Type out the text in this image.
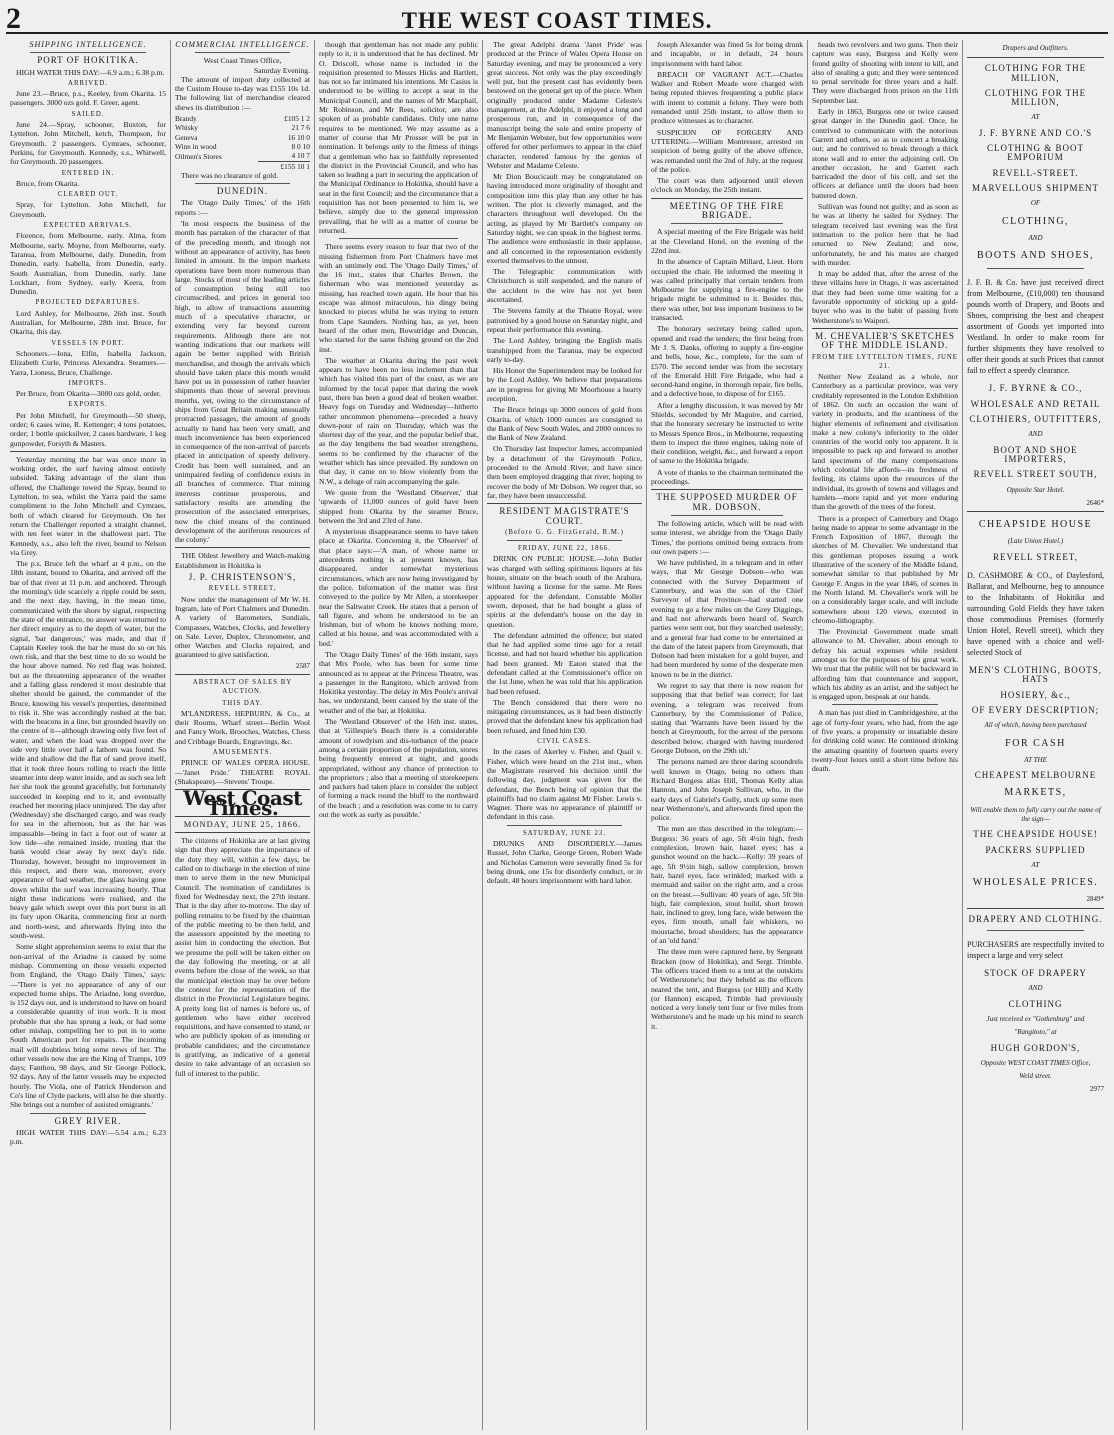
2	THE WEST COAST TIMES.
SHIPPING INTELLIGENCE.
PORT OF HOKITIKA.

HIGH WATER THIS DAY:—6.9 a.m.; 6.38 p.m.

ARRIVED.

June 23.—Bruce, p.s., Keeley, from Okarita. 15 passengers. 3000 ozs gold. F. Greer, agent.

SAILED.

June 24.—Spray, schooner, Buxton, for Lyttelton. John Mitchell, ketch, Thompson, for Greymouth. 2 passengers. Cymraes, schooner, Perkins, for Greymouth. Kennedy, s.s., Whitwell, for Greymouth. 20 passengers.

ENTERED IN.

Bruce, from Okarita.

CLEARED OUT.

Spray, for Lyttelton. John Mitchell, for Greymouth.

EXPECTED ARRIVALS.

Florence, from Melbourne, early. Alma, from Melbourne, early. Moyne, from Melbourne, early. Taranua, from Melbourne, daily. Dunedin, from Dunedin, early. Isabella, from Dunedin, early. South Australian, from Dunedin, early. Jane Lockhart, from Sydney, early. Keera, from Dunedin.

PROJECTED DEPARTURES.

Lord Ashley, for Melbourne, 26th inst. South Australian, for Melbourne, 28th inst. Bruce, for Okarita, this day.

VESSELS IN PORT.

Schooners.—Iona, Elfin, Isabella Jackson, Elizabeth Curle, Princess Alexandra. Steamers.—Yarra, Lioness, Bruce, Challenge.

IMPORTS.

Per Bruce, from Okarita—3000 ozs gold, order.

EXPORTS.

Per John Mitchell, for Greymouth—50 sheep, order; 6 cases wine, R. Kettenger; 4 tons potatoes, order; 1 bottle quicksilver, 2 cases hardware, 1 keg gunpowder, Forsyth & Masters.

Yesterday morning the bar was once more in working order, the surf having almost entirely subsided. Taking advantage of the slant thus offered, the Challenge towed the Spray, bound to Lyttelton, to sea, whilst the Yarra paid the same compliment to the John Mitchell and Cymraes, both of which cleared for Greymouth. On her return the Challenger reported a straight channel, with ten feet water in the shallowest part. The Kennedy, s.s., also left the river, bound to Nelson via Grey.

The p.s. Bruce left the wharf at 4 p.m., on the 18th instant, bound to Okarita, and arrived off the bar of that river at 11 p.m. and anchored. Through the morning's tide scarcely a ripple could be seen, and the next day, having, in the mean time, communicated with the shore by signal, respecting the state of the entrance, no answer was returned to her direct enquiry as to the depth of water, but the signal, 'bar dangerous,' was made, and that if Captain Keeley took the bar he must do so on his own risk, and that the best time to do so would be the hour above named. No red flag was hoisted, but as the threatening appearance of the weather and a falling glass rendered it most desirable that shelter should be gained, the commander of the Bruce, knowing his vessel's properties, determined to risk it. She was accordingly rushed at the bar, with the beacons in a line, but grounded heavily on the centre of it—although drawing only five feet of water, and when the load was dropped over the side very little over half a fathom was found. So wide and shallow did the flat of sand prove itself, that it took three hours rolling to reach the little steamer into deep water inside, and as such sea left her she took the ground gracefully, but fortunately succeeded in keeping end to it, and eventually reached her mooring place uninjured. The day after (Wednesday) she discharged cargo, and was ready for sea in the afternoon, but as the bar was impassable—being in fact a foot out of water at low tide—she remained inside, trusting that the bank would clear away by next day's tide. Thursday, however, brought no improvement in this respect, and there was, moreover, every appearance of bad weather, the glass having gone down whilst the surf was increasing hourly. That night these indications were realised, and the heavy gale which swept over this port burst in all its fury upon Okarita, commencing first at north and north-west, and afterwards flying into the south-west.

Some slight apprehension seems to exist that the non-arrival of the Ariadne is caused by some mishap. Commenting on those vessels expected from England, the 'Otago Daily Times,' says:—'There is yet no appearance of any of our expected home ships. The Ariadne, long overdue, is 152 days out, and is understood to have on board a considerable quantity of iron work. It is most probable that she has sprung a leak, or had some other mishap, compelling her to put in to some South American port for repairs. The incoming mail will doubtless bring some news of her. The other vessels now due are the King of Tramps, 109 days; Fanthou, 98 days, and Sir George Pollock, 92 days. Any of the latter vessels may be expected hourly. The Viola, one of Patrick Henderson and Co's line of Clyde packets, will also be due shortly. She brings out a number of assisted emigrants.'

GREY RIVER.

HIGH WATER THIS DAY:—5.54 a.m.; 6.23 p.m.

COMMERCIAL INTELLIGENCE.
West Coast Times Office,
Saturday Evening.

The amount of import duty collected at the Custom House to-day was £155 10s 1d. The following list of merchandise cleared shews its distribution :—

Brandy	£105 1 2
Whisky	21 7 6
Geneva	16 10 0
Wine in wood	8 0 10
Oilmen's Stores	4 10 7
	£155 10 1

There was no clearance of gold.

DUNEDIN.

The 'Otago Daily Times,' of the 16th reports :—

'In most respects the business of the month has partaken of the character of that of the preceding month, and though not without an appearance of activity, has been limited in amount. In the import markets operations have been more numerous than large. Stocks of most of the leading articles of consumption being still too circumscribed, and prices in general too high, to allow of transactions assuming much of a speculative character, or extending very far beyond current requirements. Although there are not wanting indications that our markets will again be better supplied with British merchandise, and though the arrivals which should have taken place this month would have put us in possession of rather heavier shipments than those of several previous months, yet, owing to the circumstance of ships from Great Britain making unusually protracted passages, the amount of goods actually to hand has been very small, and much inconvenience has been experienced in consequence of the non-arrival of parcels placed in anticipation of speedy delivery. Credit has been well sustained, and an unimpaired feeling of confidence exists in all branches of commerce. That mining interests continue prosperous, and satisfactory results are attending the prosecution of the associated enterprises, now the chief means of the continued development of the auriferous resources of the colony.'

THE Oldest Jewellery and Watch-making Establishment in Hokitika is

J. P. CHRISTENSON'S,
REVELL STREET,

Now under the management of Mr W. H. Ingram, late of Port Chalmers and Dunedin. A variety of Barometers, Sundials, Compasses, Watches, Clocks, and Jewellery on Sale. Lever, Duplex, Chronometer, and other Watches and Clocks repaired, and guaranteed to give satisfaction.

2587
ABSTRACT OF SALES BY AUCTION.
THIS DAY.

M'LANDRESS, HEPBURN, & Co., at their Rooms, Wharf street—Berlin Wool and Fancy Work, Brooches, Watches, Chess and Cribbage Boards, Engravings, &c.

AMUSEMENTS.

PRINCE OF WALES OPERA HOUSE.—'Janet Pride.' THEATRE ROYAL (Shakspeare).—Stevens' Troupe.

West Coast Times.
MONDAY, JUNE 25, 1866.

The citizens of Hokitika are at last giving sign that they appreciate the importance of the duty they will, within a few days, be called on to discharge in the election of nine men to serve them in the new Municipal Council. The nomination of candidates is fixed for Wednesday next, the 27th instant. That is the day after to-morrow. The day of polling remains to be fixed by the chairman of the public meeting to be then held, and the assessors appointed by the meeting to assist him in conducting the election. But we presume the poll will be taken either on the day following the meeting, or at all events before the close of the week, so that the municipal election may be over before the contest for the representation of the district in the Provincial Legislature begins. A pretty long list of names is before us, of gentlemen who have either received requisitions, and have consented to stand, or who are publicly spoken of as intending or probable candidates; and the circumstance is gratifying, as indicative of a general desire to take advantage of an occasion so full of interest to the public.

though that gentleman has not made any public reply to it, it is understood that he has declined. Mr O. Driscoll, whose name is included in the requisition presented to Messrs Hicks and Bartlett, has not so far intimated his intentions. Mr Casius is understood to be willing to accept a seat in the Municipal Council, and the names of Mr Macphail, Mr Robinson, and Mr Rees, solicitor, are also spoken of as probable candidates. Only one name requires to be mentioned. We may assume as a matter of course that Mr Prosser will be put in nomination. It belongs only to the fitness of things that a gentleman who has so faithfully represented the district in the Provincial Council, and who has taken so leading a part in securing the application of the Municipal Ordinance to Hokitika, should have a seat in the first Council; and the circumstance that a requisition has not been presented to him is, we believe, simply due to the general impression prevailing, that he will as a matter of course be returned.

There seems every reason to fear that two of the missing fishermen from Port Chalmers have met with an untimely end. The 'Otago Daily Times,' of the 16 inst., states that Charles Brown, the fisherman who was mentioned yesterday as missing, has reached town again. He hour that his escape was almost miraculous, his dingy being knocked to pieces whilst he was trying to return from Cape Saunders. Nothing has, as yet, been heard of the other men, Bowstridge and Duncan, who started for the same fishing ground on the 2nd inst.

The weather at Okarita during the past week appears to have been no less inclement than that which has visited this part of the coast, as we are informed by the local paper that during the week past, there has been a good deal of broken weather. Heavy fogs on Tuesday and Wednesday—hitherto rather uncommon phenomena—preceded a heavy down-pour of rain on Thursday, which was the shortest day of the year, and the popular belief that, as the day lengthens the bad weather strengthens, seems to be confirmed by the character of the weather which has since prevailed. By sundown on that day, it came on to blow violently from the N.W., a deluge of rain accompanying the gale.

We quote from the 'Westland Observer,' that 'upwards of 11,000 ounces of gold have been shipped from Okarita by the steamer Bruce, between the 3rd and 23rd of June.

A mysterious disappearance seems to have taken place at Okarita. Concerning it, the 'Observer' of that place says:—'A man, of whose name or antecedents nothing is at present known, has disappeared, under somewhat mysterious circumstances, which are now being investigated by the police. Information of the matter was first conveyed to the police by Mr Allen, a storekeeper near the Saltwater Creek. He states that a person of tall figure, and whom he understood to be an Irishman, but of whom he knows nothing more, called at his house, and was accommodated with a bed.'

The 'Otago Daily Times' of the 16th instant, says that Mrs Poole, who has been for some time announced as to appear at the Princess Theatre, was a passenger in the Rangitoto, which arrived from Hokitika yesterday. The delay in Mrs Poole's arrival has, we understand, been caused by the state of the weather and of the bar, at Hokitika.

The 'Westland Observer' of the 16th inst. states, that at 'Gillespie's Beach there is a considerable amount of rowdyism and dis-turbance of the peace among a certain proportion of the population, stores being frequently entered at night, and goods appropriated, without any chance of protection to the proprietors ; also that a meeting of storekeepers and packers had taken place to consider the subject of forming a track round the bluff to the northward of the beach ; and a resolution was come to to carry out the work as early as possible.'

The great Adelphi drama 'Janet Pride' was produced at the Prince of Wales Opera House on Saturday evening, and may be pronounced a very great success. Not only was the play exceedingly well put, but the present cast has evidently been bestowed on the general get up of the piece. When originally produced under Madame Celeste's management, at the Adelphi, it enjoyed a long and prosperous run, and in consequence of the manuscript being the sole and entire property of Mr Benjamin Webster, but few opportunities were offered for other performers to appear in the chief character, rendered famous by the genius of Webster and Madame Celeste.

Mr Dion Boucicault may be congratulated on having introduced more originality of thought and composition into this play than any other he has written. The plot is cleverly managed, and the characters throughout well developed. On the acting, as played by Mr Bartlett's company on Saturday night, we can speak in the highest terms. The audience were enthusiastic in their applause, and all concerned in the representation evidently exerted themselves to the utmost.

The Telegraphic communication with Christchurch is still suspended, and the nature of the accident to the wire has not yet been ascertained.

The Stevens family at the Theatre Royal, were patronised by a good house on Saturday night, and repeat their performance this evening.

The Lord Ashley, bringing the English mails transhipped from the Taranua, may be expected early to-day.

His Honor the Superintendent may be looked for by the Lord Ashley. We believe that preparations are in progress for giving Mr Moorhouse a hearty reception.

The Bruce brings up 3000 ounces of gold from Okarita, of which 1000 ounces are consigned to the Bank of New South Wales, and 2000 ounces to the Bank of New Zealand.

On Thursday last Inspector James, accompanied by a detachment of the Greymouth Police, proceeded to the Arnold River, and have since then been employed dragging that river, hoping to recover the body of Mr Dobson. We regret that, so far, they have been unsuccessful.

RESIDENT MAGISTRATE'S COURT.
(Before G. G. FitzGerald, R.M.)
FRIDAY, JUNE 22, 1866.

DRINK ON PUBLIC HOUSE.—John Butler was charged with selling spirituous liquors at his house, situate on the beach south of the Arahura, without having a license for the same. Mr Rees appeared for the defendant. Constable Moller sworn, deposed, that he had bought a glass of spirits at the defendant's house on the day in question.

The defendant admitted the offence; but stated that he had applied some time ago for a retail license, and had not heard whether his application had been granted. Mr Eaton stated that the defendant called at the Commissioner's office on the 1st June, when he was told that his application had been refused.

The Bench considered that there were no mitigating circumstances, as it had been distinctly proved that the defendant knew his application had been refused, and fined him £30.

CIVIL CASES.

In the cases of Akerley v. Fisher, and Quail v. Fisher, which were heard on the 21st inst., when the Magistrate reserved his decision until the following day, judgment was given for the defendant, the Bench being of opinion that the plaintiffs had no claim against Mr Fisher. Lewis v. Wagner. There was no appearance of plaintiff or defendant in this case.

SATURDAY, JUNE 23.

DRUNKS AND DISORDERLY.—James Russel, John Clarke, George Green, Robert Wade and Nicholas Cameron were severally fined 5s for being drunk, one 15s for disorderly conduct, or in default, 48 hours imprisonment with hard labor.

Joseph Alexander was fined 5s for being drunk and incapable, or in default, 24 hours imprisonment with hard labor.

BREACH OF VAGRANT ACT.—Charles Walker and Robert Meade were charged with being reputed thieves frequenting a public place with intent to commit a felony. They were both remanded until 25th instant, to allow them to produce witnesses as to character.

SUSPICION OF FORGERY AND UTTERING.—William Montresser, arrested on suspicion of being guilty of the above offence, was remanded until the 2nd of July, at the request of the police.

The court was then adjourned until eleven o'clock on Monday, the 25th instant.

MEETING OF THE FIRE BRIGADE.

A special meeting of the Fire Brigade was held at the Cleveland Hotel, on the evening of the 22nd inst.

In the absence of Captain Millard, Lieut. Horn occupied the chair. He informed the meeting it was called principally that certain tenders from Melbourne for supplying a fire-engine to the brigade might be submitted to it. Besides this, there was other, but less important business to be transacted.

The honorary secretary being called upon, opened and read the tenders; the first being from Mr J. S. Danks, offering to supply a fire-engine and bells, hose, &c., complete, for the sum of £570. The second tender was from the secretary of the Emerald Hill Fire Brigade, who had a second-hand engine, in thorough repair, fire bells, and a defective hose, to dispose of for £165.

After a lengthy discussion, it was moved by Mr Shields, seconded by Mr Maguire, and carried, that the honorary secretary be instructed to write to Messrs Spence Bros., in Melbourne, requesting them to inspect the three engines, taking note of their condition, weight, &c., and forward a report of same to the Hokitika brigade.

A vote of thanks to the chairman terminated the proceedings.

THE SUPPOSED MURDER OF MR. DOBSON.

The following article, which will be read with some interest, we abridge from the 'Otago Daily Times,' the portions omitted being extracts from our own papers :—

We have published, in a telegram and in other ways, that Mr George Dobson—who was connected with the Survey Department of Canterbury, and was the son of the Chief Surveyor of that Province—had started one evening to go a few miles on the Grey Diggings, and had not afterwards been heard of. Search parties were sent out, but they searched uselessly; and a general fear had come to be entertained at the date of the latest papers from Greymouth, that Dobson had been mistaken for a gold buyer, and had been murdered by some of the desperate men known to be in the district.

We regret to say that there is now reason for supposing that that belief was correct; for last evening, a telegram was received from Canterbury, by the Commissioner of Police, stating that 'Warrants have been issued by the bench at Greymouth, for the arrest of the persons described below, charged with having murdered George Dobson, on the 29th ult.'

The persons named are three daring scoundrels well known in Otago, being no others than Richard Burgess alias Hill, Thomas Kelly alias Hannon, and John Joseph Sullivan, who, in the early days of Gabriel's Gully, stuck up some men near Wetherstone's, and afterwards fired upon the police.

The men are thus described in the telegram:—Burgess: 36 years of age, 5ft 4½in high, fresh complexion, brown hair, hazel eyes; has a gunshot wound on the back.—Kelly: 39 years of age, 5ft 9½in high, sallow complexion, brown hair, hazel eyes, face wrinkled; marked with a mermaid and sailor on the right arm, and a cross on the breast.—Sullivan: 40 years of age, 5ft 9in high, fair complexion, stout build, short brown hair, inclined to grey, long face, wide between the eyes, firm mouth, small fair whiskers, no moustache, broad shoulders; has the appearance of an 'old hand.'

The three men were captured here, by Sergeant Bracken (now of Hokitika), and Sergt. Trimble. The officers traced them to a tent at the outskirts of Wetherstone's; but they beheld as the officers neared the tent, and Burgess (or Hill) and Kelly (or Hannon) escaped, Trimble had previously noticed a very lonely tent four or five miles from Wetherstone's and he made up his mind to search it.

heads two revolvers and two guns. Then their capture was easy, Burgess and Kelly were found guilty of shooting with intent to kill, and also of stealing a gun; and they were sentenced to penal servitude for three years and a half. They were discharged from prison on the 11th September last.

Early in 1863, Burgess one or twice caused great danger in the Dunedin gaol. Once, he contrived to communicate with the notorious Garrett and others, so as to concert a breaking out; and he contrived to break through a thick stone wall and to enter the adjoining cell. On another occasion, he and Garrett each barricaded the door of his cell, and set the officers at defiance until the doors had been battered down.

Sullivan was found not guilty; and as soon as he was at liberty he sailed for Sydney. The telegram received last evening was the first intimation to the police here that he had returned to New Zealand; and now, unfortunately, he and his mates are charged with murder.

It may be added that, after the arrest of the three villains here in Otago, it was ascertained that they had been some time waiting for a favorable opportunity of sticking up a gold-buyer who was in the habit of passing from Wetherstone's to Waipori.

M. CHEVALIER'S SKETCHES OF THE MIDDLE ISLAND.
FROM THE LYTTELTON TIMES, JUNE 21.

Neither New Zealand as a whole, nor Canterbury as a particular province, was very creditably represented in the London Exhibition of 1862. On such an occasion the want of variety in products, and the scantiness of the higher elements of refinement and civilisation make a new colony's inferiority to the older countries of the world only too apparent. It is impossible to pack up and forward to another land specimens of the many compensations which colonial life affords—its freshness of feeling, its claims upon the resources of the individual, its growth of towns and villages and hamlets—more rapid and yet more enduring than the growth of the trees of the forest.

There is a prospect of Canterbury and Otago being made to appear to some advantage in the French Exposition of 1867, through the sketches of M. Chevalier. We understand that this gentleman proposes issuing a work illustrative of the scenery of the Middle Island, somewhat similar to that published by Mr George F. Angus in the year 1846, of scenes in the North Island. M. Chevalier's work will be on a considerably larger scale, and will include somewhere about 120 views, executed in chromo-lithography.

The Provincial Government made small allowance to M. Chevalier, about enough to defray his actual expenses while resident amongst us for the purposes of his great work. We trust that the public will not be backward in affording him that countenance and support, which his ability as an artist, and the subject he is engaged upon, bespeak at our hands.

A man has just died in Cambridgeshire, at the age of forty-four years, who had, from the age of five years, a propensity or insatiable desire for drinking cold water. He continued drinking the amazing quantity of fourteen quarts every twenty-four hours until a short time before his death.

Drapers and Outfitters.
CLOTHING FOR THE MILLION,
CLOTHING FOR THE MILLION,
AT
J. F. BYRNE AND CO.'S
CLOTHING & BOOT EMPORIUM
REVELL-STREET.
MARVELLOUS SHIPMENT
OF
CLOTHING,
AND
BOOTS AND SHOES,

J. F. B. & Co. have just received direct from Melbourne, (£10,000) ten thousand pounds worth of Drapery, and Boots and Shoes, comprising the best and cheapest assortment of Goods yet imported into Westland. In order to make room for further shipments they have resolved to offer their goods at such Prices that cannot fail to effect a speedy clearance.

J. F. BYRNE & CO.,
WHOLESALE AND RETAIL
CLOTHIERS, OUTFITTERS,
AND
BOOT AND SHOE IMPORTERS,
REVELL STREET SOUTH,
Opposite Star Hotel.
2646*
CHEAPSIDE HOUSE
(Late Union Hotel.)
REVELL STREET,

D. CASHMORE & CO., of Daylesford, Ballarat, and Melbourne, beg to announce to the Inhabitants of Hokitika and surrounding Gold Fields they have taken those commodious Premises (formerly Union Hotel, Revell street), which they have opened with a choice and well-selected Stock of

MEN'S CLOTHING, BOOTS, HATS
HOSIERY, &c.,
OF EVERY DESCRIPTION;
All of which, having been purchased
FOR CASH
AT THE
CHEAPEST MELBOURNE
MARKETS,
Will enable them to fully carry out the name of the sign—
THE CHEAPSIDE HOUSE!
PACKERS SUPPLIED
AT
WHOLESALE PRICES.
2849*
DRAPERY AND CLOTHING.

PURCHASERS are respectfully invited to inspect a large and very select

STOCK OF DRAPERY
AND
CLOTHING
Just received ex "Gothenburg" and
"Rangitoto," at
HUGH GORDON'S,
Opposite WEST COAST TIMES Office,
Weld street.
2977
